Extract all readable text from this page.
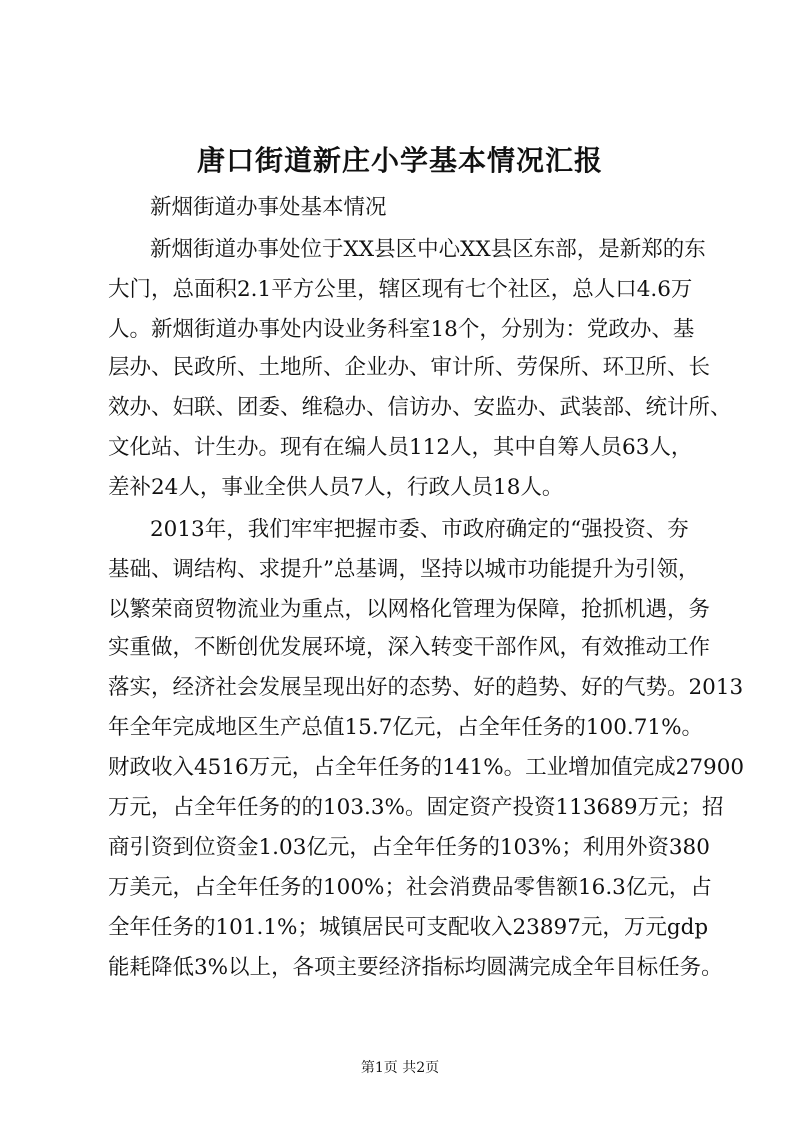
唐口街道新庄小学基本情况汇报
新烟街道办事处基本情况
新烟街道办事处位于XX县区中心XX县区东部，是新郑的东
大门，总面积2.1平方公里，辖区现有七个社区，总人口4.6万
人。新烟街道办事处内设业务科室18个，分别为：党政办、基
层办、民政所、土地所、企业办、审计所、劳保所、环卫所、长
效办、妇联、团委、维稳办、信访办、安监办、武装部、统计所、
文化站、计生办。现有在编人员112人，其中自筹人员63人，
差补24人，事业全供人员7人，行政人员18人。
2013年，我们牢牢把握市委、市政府确定的“强投资、夯
基础、调结构、求提升”总基调，坚持以城市功能提升为引领，
以繁荣商贸物流业为重点，以网格化管理为保障，抢抓机遇，务
实重做，不断创优发展环境，深入转变干部作风，有效推动工作
落实，经济社会发展呈现出好的态势、好的趋势、好的气势。2013
年全年完成地区生产总值15.7亿元，占全年任务的100.71%。
财政收入4516万元，占全年任务的141%。工业增加值完成27900
万元，占全年任务的的103.3%。固定资产投资113689万元；招
商引资到位资金1.03亿元，占全年任务的103%；利用外资380
万美元，占全年任务的100%；社会消费品零售额16.3亿元，占
全年任务的101.1%；城镇居民可支配收入23897元，万元gdp
能耗降低3%以上，各项主要经济指标均圆满完成全年目标任务。
第1页 共2页
